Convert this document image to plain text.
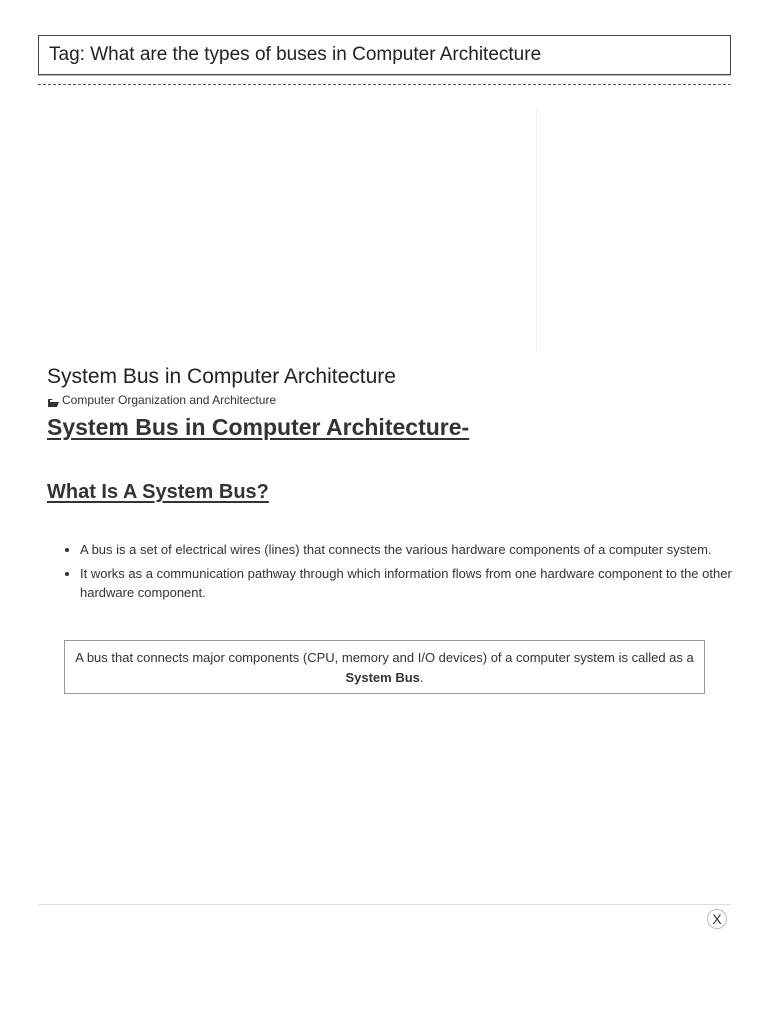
Tag: What are the types of buses in Computer Architecture
System Bus in Computer Architecture
Computer Organization and Architecture
System Bus in Computer Architecture-
What Is A System Bus?
• A bus is a set of electrical wires (lines) that connects the various hardware components of a computer system.
• It works as a communication pathway through which information flows from one hardware component to the other hardware component.
A bus that connects major components (CPU, memory and I/O devices) of a computer system is called as a System Bus.
X
